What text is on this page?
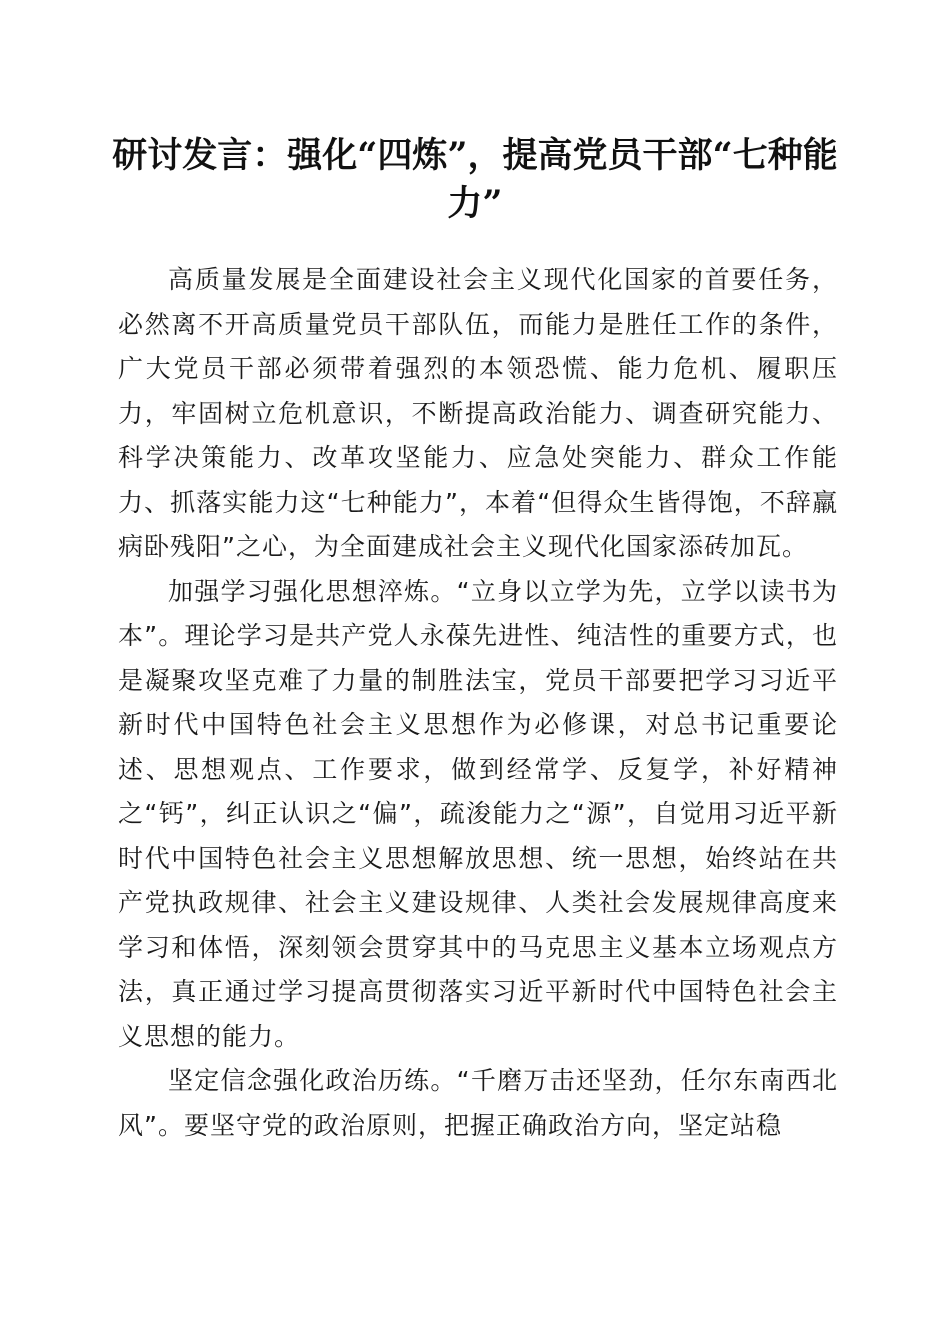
研讨发言：强化“四炼”，提高党员干部“七种能力”

高质量发展是全面建设社会主义现代化国家的首要任务，必然离不开高质量党员干部队伍，而能力是胜任工作的条件，广大党员干部必须带着强烈的本领恐慌、能力危机、履职压力，牢固树立危机意识，不断提高政治能力、调查研究能力、科学决策能力、改革攻坚能力、应急处突能力、群众工作能力、抓落实能力这“七种能力”，本着“但得众生皆得饱，不辞羸病卧残阳”之心，为全面建成社会主义现代化国家添砖加瓦。

加强学习强化思想淬炼。“立身以立学为先，立学以读书为本”。理论学习是共产党人永葆先进性、纯洁性的重要方式，也是凝聚攻坚克难了力量的制胜法宝，党员干部要把学习习近平新时代中国特色社会主义思想作为必修课，对总书记重要论述、思想观点、工作要求，做到经常学、反复学，补好精神之“钙”，纠正认识之“偏”，疏浚能力之“源”，自觉用习近平新时代中国特色社会主义思想解放思想、统一思想，始终站在共产党执政规律、社会主义建设规律、人类社会发展规律高度来学习和体悟，深刻领会贯穿其中的马克思主义基本立场观点方法，真正通过学习提高贯彻落实习近平新时代中国特色社会主义思想的能力。

坚定信念强化政治历练。“千磨万击还坚劲，任尔东南西北风”。要坚守党的政治原则，把握正确政治方向，坚定站稳
